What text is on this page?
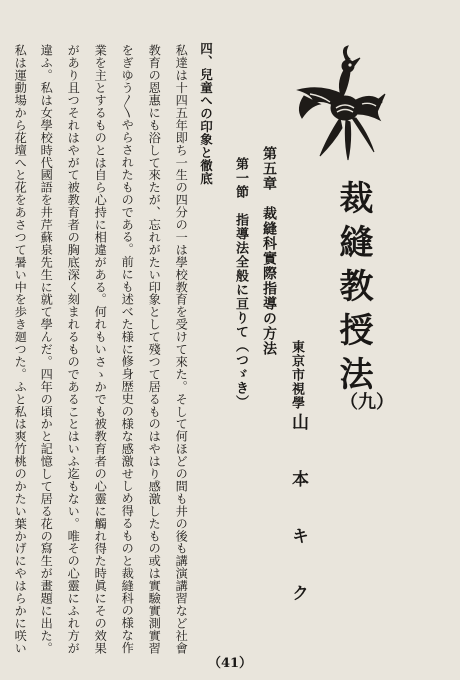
裁縫教授法
（九）
東京市視學
山本キク
第五章　裁縫科實際指導の方法
第一節　指導法全般に亘りて（つゞき）
四、兒童への印象と徹底
私達は十四五年即ち一生の四分の一は學校教育を受けて來た。そして何ほどの間も井の後も講演講習など社會
教育の恩惠にも浴して來たが、忘れがたい印象として殘つて居るものはやはり感激したもの或は實驗實測實習
をぎゆう〳〵やらされたものである。前にも述べた様に修身歴史の様な感激せしめ得るものと裁縫科の様な作
業を主とするものとは自ら心持に相違がある。何れもいさゝかでも被教育者の心靈に觸れ得た時眞にその效果
があり且つそれはやがて被教育者の胸底深く刻まれるものであることはいふ迄もない。唯その心靈にふれ方が
違ふ。私は女學校時代國語を井芹蘇泉先生に就て學んだ。四年の頃かと記憶して居る花の寫生が畫題に出た。
私は運動場から花壇へと花をあさつて暑い中を歩き廻つた。ふと私は爽竹桃のかたい葉かげにやはらかに咲い
（41）
